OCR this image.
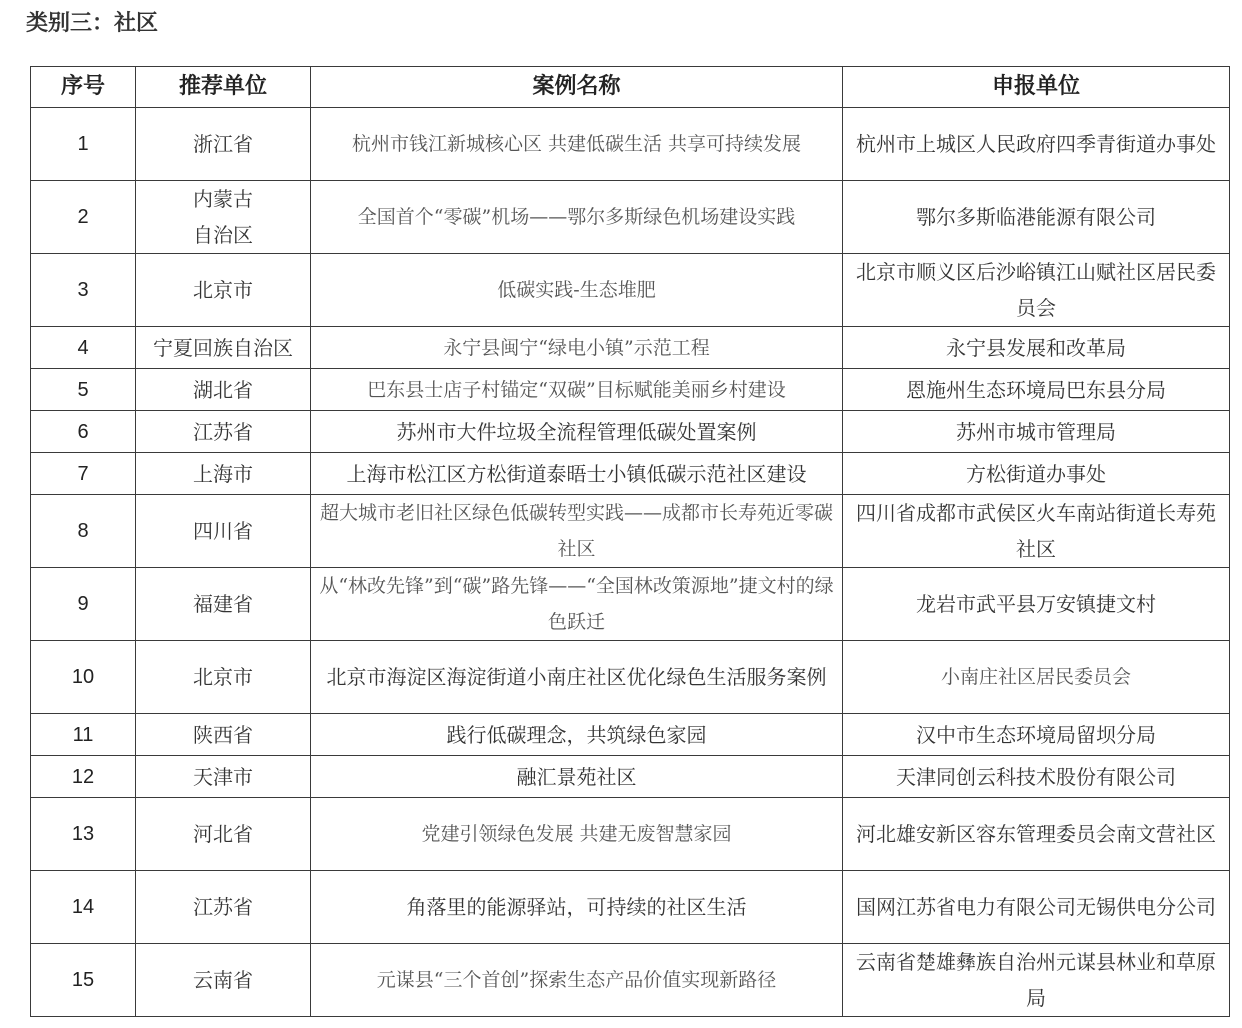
类别三：社区
序号	推荐单位	案例名称	申报单位
1	浙江省	杭州市钱江新城核心区 共建低碳生活 共享可持续发展	杭州市上城区人民政府四季青街道办事处
2	内蒙古自治区	全国首个“零碳”机场——鄂尔多斯绿色机场建设实践	鄂尔多斯临港能源有限公司
3	北京市	低碳实践-生态堆肥	北京市顺义区后沙峪镇江山赋社区居民委员会
4	宁夏回族自治区	永宁县闽宁“绿电小镇”示范工程	永宁县发展和改革局
5	湖北省	巴东县士店子村锚定“双碳”目标赋能美丽乡村建设	恩施州生态环境局巴东县分局
6	江苏省	苏州市大件垃圾全流程管理低碳处置案例	苏州市城市管理局
7	上海市	上海市松江区方松街道泰晤士小镇低碳示范社区建设	方松街道办事处
8	四川省	超大城市老旧社区绿色低碳转型实践——成都市长寿苑近零碳社区	四川省成都市武侯区火车南站街道长寿苑社区
9	福建省	从“林改先锋”到“碳”路先锋——“全国林改策源地”捷文村的绿色跃迁	龙岩市武平县万安镇捷文村
10	北京市	北京市海淀区海淀街道小南庄社区优化绿色生活服务案例	小南庄社区居民委员会
11	陕西省	践行低碳理念，共筑绿色家园	汉中市生态环境局留坝分局
12	天津市	融汇景苑社区	天津同创云科技术股份有限公司
13	河北省	党建引领绿色发展 共建无废智慧家园	河北雄安新区容东管理委员会南文营社区
14	江苏省	角落里的能源驿站，可持续的社区生活	国网江苏省电力有限公司无锡供电分公司
15	云南省	元谋县“三个首创”探索生态产品价值实现新路径	云南省楚雄彝族自治州元谋县林业和草原局
